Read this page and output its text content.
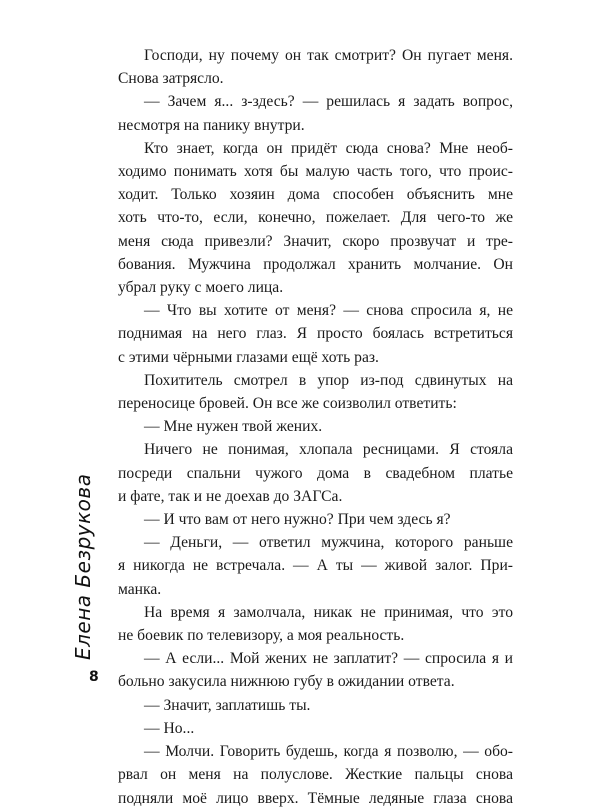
Господи, ну почему он так смотрит? Он пугает меня.

Снова затрясло.

— Зачем я... з-здесь? — решилась я задать вопрос,

несмотря на панику внутри.

Кто знает, когда он придёт сюда снова? Мне необ-

ходимо понимать хотя бы малую часть того, что проис-

ходит. Только хозяин дома способен объяснить мне

хоть что-то, если, конечно, пожелает. Для чего-то же

меня сюда привезли? Значит, скоро прозвучат и тре-

бования. Мужчина продолжал хранить молчание. Он

убрал руку с моего лица.

— Что вы хотите от меня? — снова спросила я, не

поднимая на него глаз. Я просто боялась встретиться

с этими чёрными глазами ещё хоть раз.

Похититель смотрел в упор из-под сдвинутых на

переносице бровей. Он все же соизволил ответить:

— Мне нужен твой жених.

Ничего не понимая, хлопала ресницами. Я стояла

посреди спальни чужого дома в свадебном платье

и фате, так и не доехав до ЗАГСа.

— И что вам от него нужно? При чем здесь я?

— Деньги, — ответил мужчина, которого раньше

я никогда не встречала. — А ты — живой залог. При-

манка.

На время я замолчала, никак не принимая, что это

не боевик по телевизору, а моя реальность.

— А если... Мой жених не заплатит? — спросила я и

больно закусила нижнюю губу в ожидании ответа.

— Значит, заплатишь ты.

— Но...

— Молчи. Говорить будешь, когда я позволю, — обо-

рвал он меня на полуслове. Жесткие пальцы снова

подняли моё лицо вверх. Тёмные ледяные глаза снова

Елена Безрукова
8
